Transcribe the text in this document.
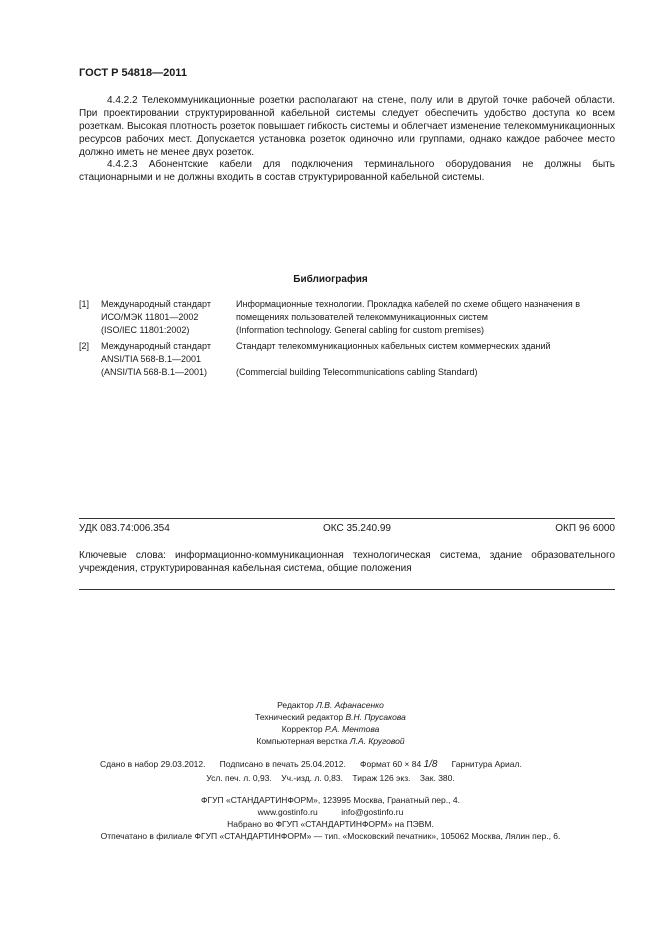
ГОСТ Р 54818—2011
4.4.2.2 Телекоммуникационные розетки располагают на стене, полу или в другой точке рабочей области. При проектировании структурированной кабельной системы следует обеспечить удобство доступа ко всем розеткам. Высокая плотность розеток повышает гибкость системы и облегчает изменение телекоммуникационных ресурсов рабочих мест. Допускается установка розеток одиночно или группами, однако каждое рабочее место должно иметь не менее двух розеток.
4.4.2.3 Абонентские кабели для подключения терминального оборудования не должны быть стационарными и не должны входить в состав структурированной кабельной системы.
Библиография
[1] Международный стандарт
ИСО/МЭК 11801—2002
(ISO/IEC 11801:2002)
Информационные технологии. Прокладка кабелей по схеме общего назначения в
помещениях пользователей телекоммуникационных систем
(Information technology. General cabling for custom premises)
[2] Международный стандарт
ANSI/TIA 568-B.1—2001
(ANSI/TIA 568-B.1—2001)
Стандарт телекоммуникационных кабельных систем коммерческих зданий
(Commercial building Telecommunications cabling Standard)
УДК 083.74:006.354	ОКС 35.240.99	ОКП 96 6000
Ключевые слова: информационно-коммуникационная технологическая система, здание образовательного учреждения, структурированная кабельная система, общие положения
Редактор Л.В. Афанасенко
Технический редактор В.Н. Прусакова
Корректор Р.А. Ментова
Компьютерная верстка Л.А. Круговой
Сдано в набор 29.03.2012. Подписано в печать 25.04.2012. Формат 60 × 84 1/8 Гарнитура Ариал.
Усл. печ. л. 0,93.    Уч.-изд. л. 0,83.    Тираж 126 экз.    Зак. 380.
ФГУП «СТАНДАРТИНФОРМ», 123995 Москва, Гранатный пер., 4.
www.gostinfo.ru          info@gostinfo.ru
Набрано во ФГУП «СТАНДАРТИНФОРМ» на ПЭВМ.
Отпечатано в филиале ФГУП «СТАНДАРТИНФОРМ» — тип. «Московский печатник», 105062 Москва, Лялин пер., 6.
